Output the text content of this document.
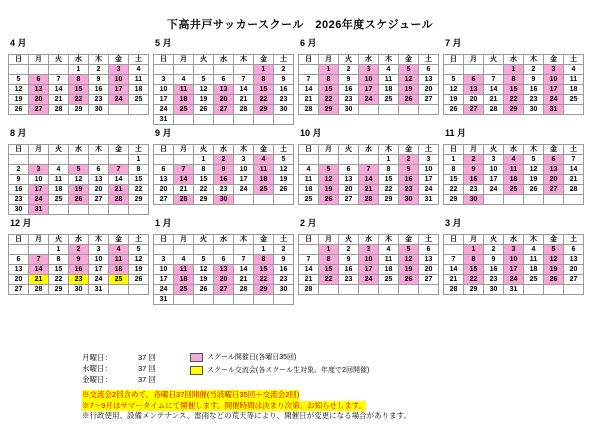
下高井戸サッカースクール　2026年度スケジュール
4 月
日	月	火	水	木	金	土
			1	2	3	4
5	6	7	8	9	10	11
12	13	14	15	16	17	18
19	20	21	22	23	24	25
26	27	28	29	30		
5 月
日	月	火	水	木	金	土
					1	2
3	4	5	6	7	8	9
10	11	12	13	14	15	16
17	18	19	20	21	22	23
24	25	26	27	28	29	30
31						
6 月
日	月	火	水	木	金	土
	1	2	3	4	5	6
7	8	9	10	11	12	13
14	15	16	17	18	19	20
21	22	23	24	25	26	27
28	29	30				
7 月
日	月	火	水	木	金	土
			1	2	3	4
5	6	7	8	9	10	11
12	13	14	15	16	17	18
19	20	21	22	23	24	25
26	27	28	29	30	31	
8 月
日	月	火	水	木	金	土
						1
2	3	4	5	6	7	8
9	10	11	12	13	14	15
16	17	18	19	20	21	22
23	24	25	26	27	28	29
30	31					
9 月
日	月	火	水	木	金	土
		1	2	3	4	5
6	7	8	9	10	11	12
13	14	15	16	17	18	19
20	21	22	23	24	25	26
27	28	29	30			
10 月
日	月	火	水	木	金	土
				1	2	3
4	5	6	7	8	9	10
11	12	13	14	15	16	17
18	19	20	21	22	23	24
25	26	27	28	29	30	31
11 月
日	月	火	水	木	金	土
1	2	3	4	5	6	7
8	9	10	11	12	13	14
15	16	17	18	19	20	21
22	23	24	25	26	27	28
29	30					
12 月
日	月	火	水	木	金	土
		1	2	3	4	5
6	7	8	9	10	11	12
13	14	15	16	17	18	19
20	21	22	23	24	25	26
27	28	29	30	31		
1 月
日	月	火	水	木	金	土
					1	2
3	4	5	6	7	8	9
10	11	12	13	14	15	16
17	18	19	20	21	22	23
24	25	26	27	28	29	30
31						
2 月
日	月	火	水	木	金	土
	1	2	3	4	5	6
7	8	9	10	11	12	13
14	15	16	17	18	19	20
21	22	23	24	25	26	27
28						
3 月
日	月	火	水	木	金	土
	1	2	3	4	5	6
7	8	9	10	11	12	13
14	15	16	17	18	19	20
21	22	23	24	25	26	27
28	29	30	31			
月曜日：	37 回
水曜日：	37 回
金曜日：	37 回
スクール開催日(各曜日35回)
スクール交流会(各スクール生対象、年度で2回開催)
※交流会2回含めて、各曜日37回開催(当該曜日35回＋交流会2回)※7～9月はサマータイムにて開催します。開催時間は決まり次第、お知らせします。
※行政使用、設備メンテナンス、雷雨などの荒天等により、開催日が変更になる場合があります。
